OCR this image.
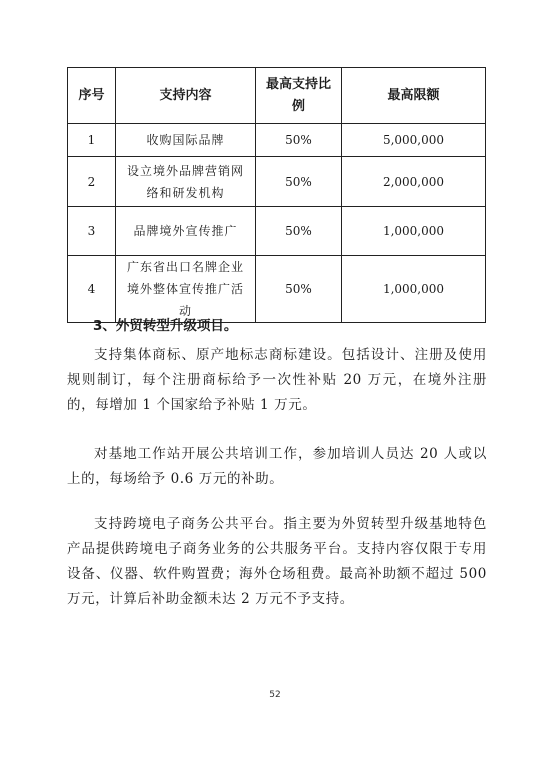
序号	支持内容	最高支持比例	最高限额
1	收购国际品牌	50%	5,000,000
2	设立境外品牌营销网络和研发机构	50%	2,000,000
3	品牌境外宣传推广	50%	1,000,000
4	广东省出口名牌企业境外整体宣传推广活动	50%	1,000,000
3、外贸转型升级项目。

支持集体商标、原产地标志商标建设。包括设计、注册及使用规则制订，每个注册商标给予一次性补贴 20 万元，在境外注册的，每增加 1 个国家给予补贴 1 万元。

对基地工作站开展公共培训工作，参加培训人员达 20 人或以上的，每场给予 0.6 万元的补助。

支持跨境电子商务公共平台。指主要为外贸转型升级基地特色产品提供跨境电子商务业务的公共服务平台。支持内容仅限于专用设备、仪器、软件购置费；海外仓场租费。最高补助额不超过 500 万元，计算后补助金额未达 2 万元不予支持。

52
